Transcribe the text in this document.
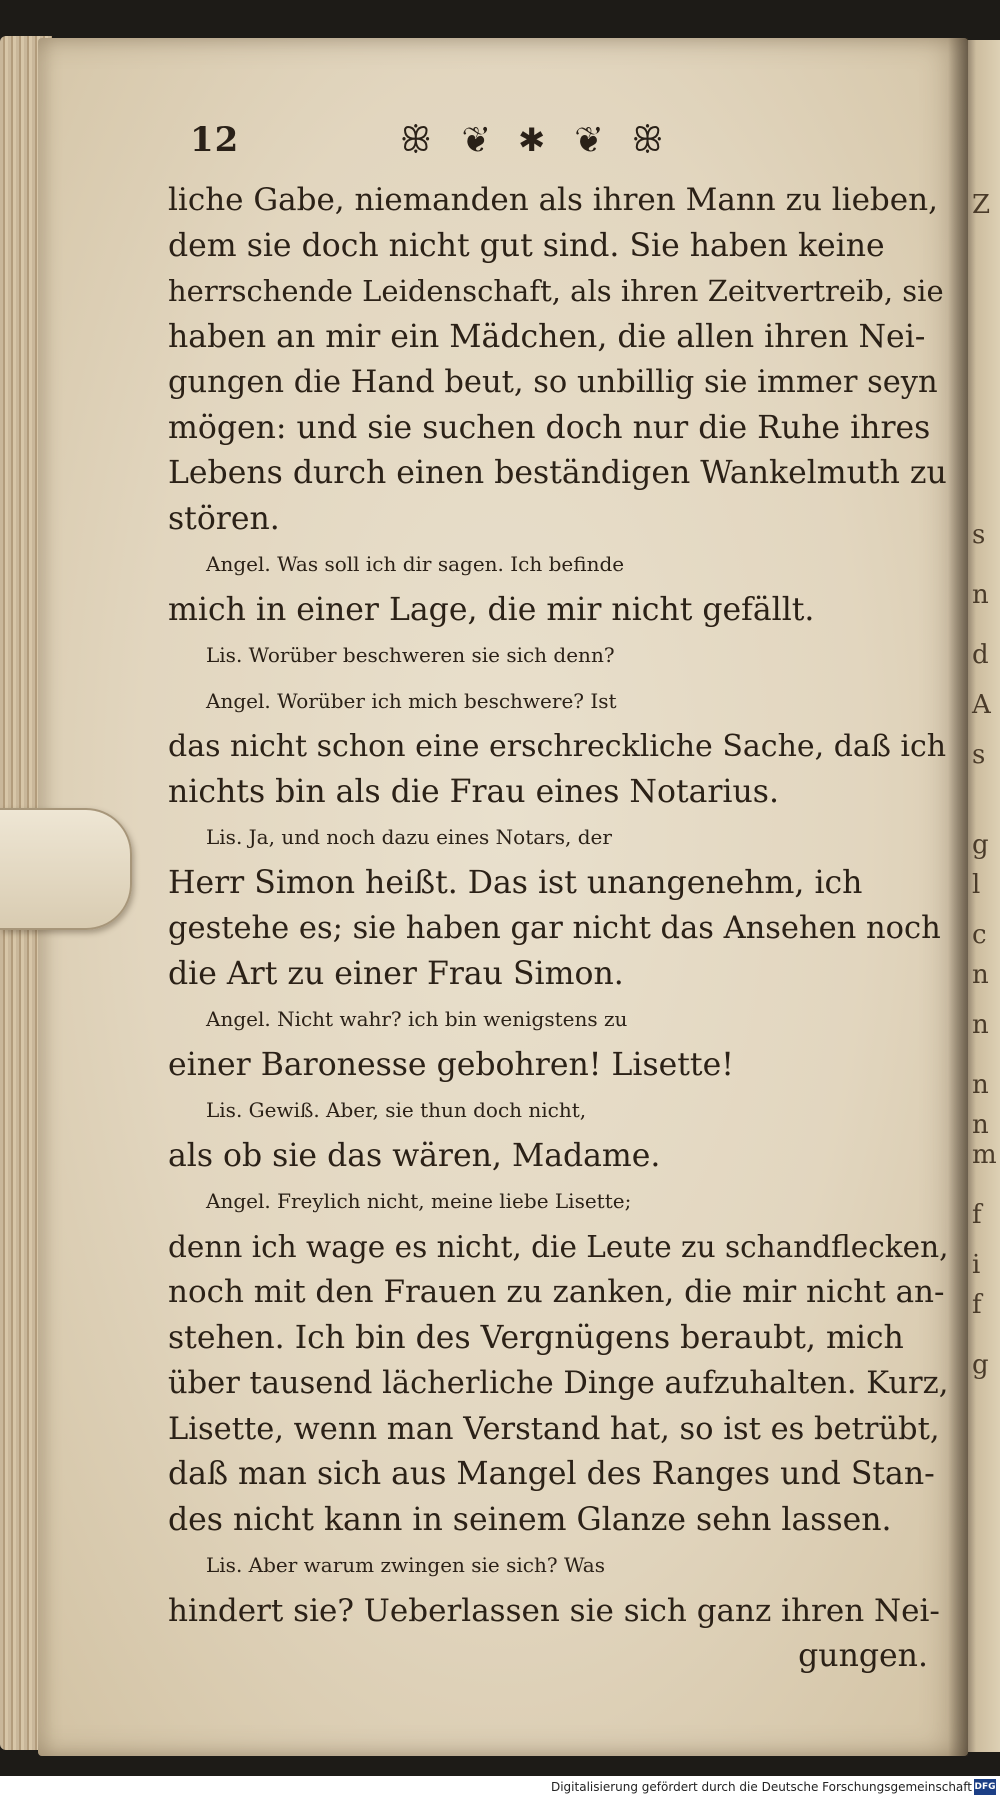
Z
s
n
d
A
s
g
l
c
n
n
n
n
m
f
i
f
g
12	ꕥ ❦ ✱ ❦ ꕥ
liche Gabe, niemanden als ihren Mann zu lieben,
dem sie doch nicht gut sind. Sie haben keine
herrschende Leidenschaft, als ihren Zeitvertreib, sie
haben an mir ein Mädchen, die allen ihren Nei-
gungen die Hand beut, so unbillig sie immer seyn
mögen: und sie suchen doch nur die Ruhe ihres
Lebens durch einen beständigen Wankelmuth zu
stören.
Angel. Was soll ich dir sagen. Ich befinde
mich in einer Lage, die mir nicht gefällt.
Lis. Worüber beschweren sie sich denn?
Angel. Worüber ich mich beschwere? Ist
das nicht schon eine erschreckliche Sache, daß ich
nichts bin als die Frau eines Notarius.
Lis. Ja, und noch dazu eines Notars, der
Herr Simon heißt. Das ist unangenehm, ich
gestehe es; sie haben gar nicht das Ansehen noch
die Art zu einer Frau Simon.
Angel. Nicht wahr? ich bin wenigstens zu
einer Baronesse gebohren! Lisette!
Lis. Gewiß. Aber, sie thun doch nicht,
als ob sie das wären, Madame.
Angel. Freylich nicht, meine liebe Lisette;
denn ich wage es nicht, die Leute zu schandflecken,
noch mit den Frauen zu zanken, die mir nicht an-
stehen. Ich bin des Vergnügens beraubt, mich
über tausend lächerliche Dinge aufzuhalten. Kurz,
Lisette, wenn man Verstand hat, so ist es betrübt,
daß man sich aus Mangel des Ranges und Stan-
des nicht kann in seinem Glanze sehn lassen.
Lis. Aber warum zwingen sie sich? Was
hindert sie? Ueberlassen sie sich ganz ihren Nei-
gungen.
Digitalisierung gefördert durch die Deutsche Forschungsgemeinschaft DFG
